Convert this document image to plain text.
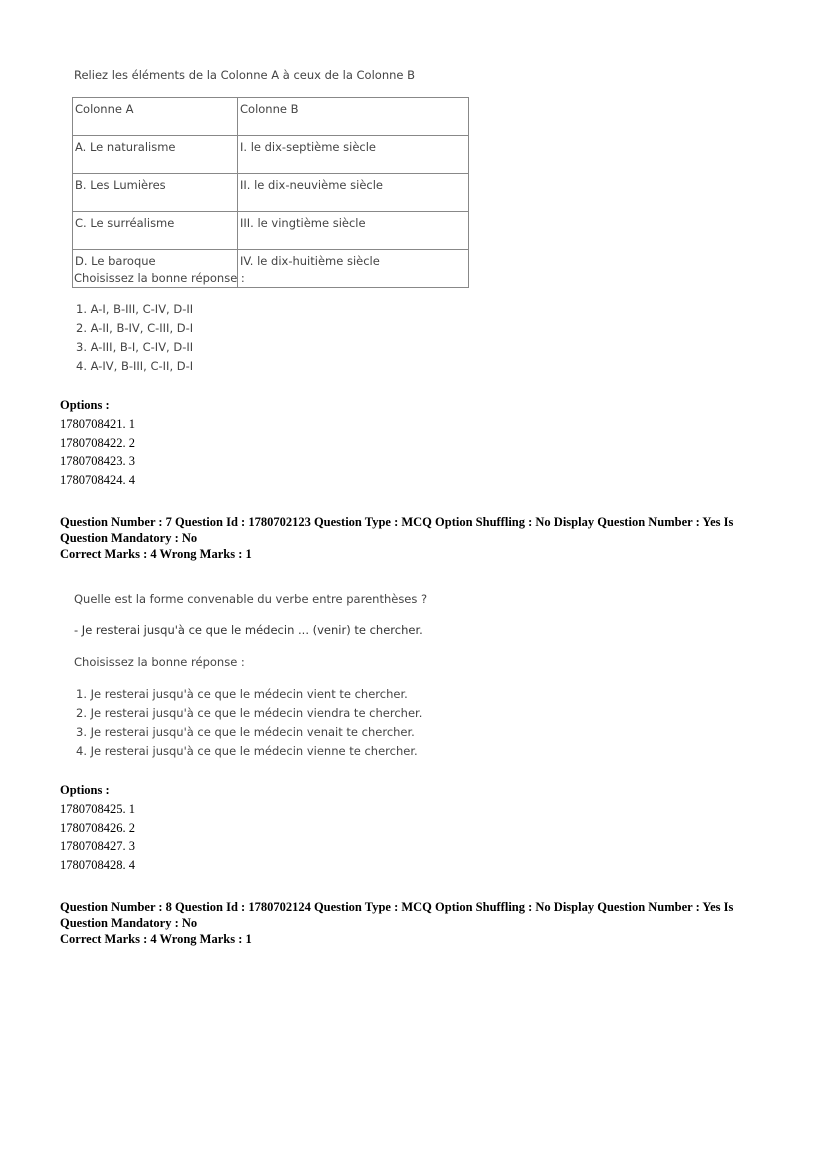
Reliez les éléments de la Colonne A à ceux de la Colonne B
Colonne A	Colonne B
A. Le naturalisme	I. le dix-septième siècle
B. Les Lumières	II. le dix-neuvième siècle
C. Le surréalisme	III. le vingtième siècle
D. Le baroque	IV. le dix-huitième siècle
Choisissez la bonne réponse :
1. A-I, B-III, C-IV, D-II
2. A-II, B-IV, C-III, D-I
3. A-III, B-I, C-IV, D-II
4. A-IV, B-III, C-II, D-I
Options :
1780708421. 1
1780708422. 2
1780708423. 3
1780708424. 4
Question Number : 7 Question Id : 1780702123 Question Type : MCQ Option Shuffling : No Display Question Number : Yes Is
Question Mandatory : No
Correct Marks : 4 Wrong Marks : 1
Quelle est la forme convenable du verbe entre parenthèses ?
- Je resterai jusqu'à ce que le médecin ... (venir) te chercher.
Choisissez la bonne réponse :
1. Je resterai jusqu'à ce que le médecin vient te chercher.
2. Je resterai jusqu'à ce que le médecin viendra te chercher.
3. Je resterai jusqu'à ce que le médecin venait te chercher.
4. Je resterai jusqu'à ce que le médecin vienne te chercher.
Options :
1780708425. 1
1780708426. 2
1780708427. 3
1780708428. 4
Question Number : 8 Question Id : 1780702124 Question Type : MCQ Option Shuffling : No Display Question Number : Yes Is
Question Mandatory : No
Correct Marks : 4 Wrong Marks : 1
